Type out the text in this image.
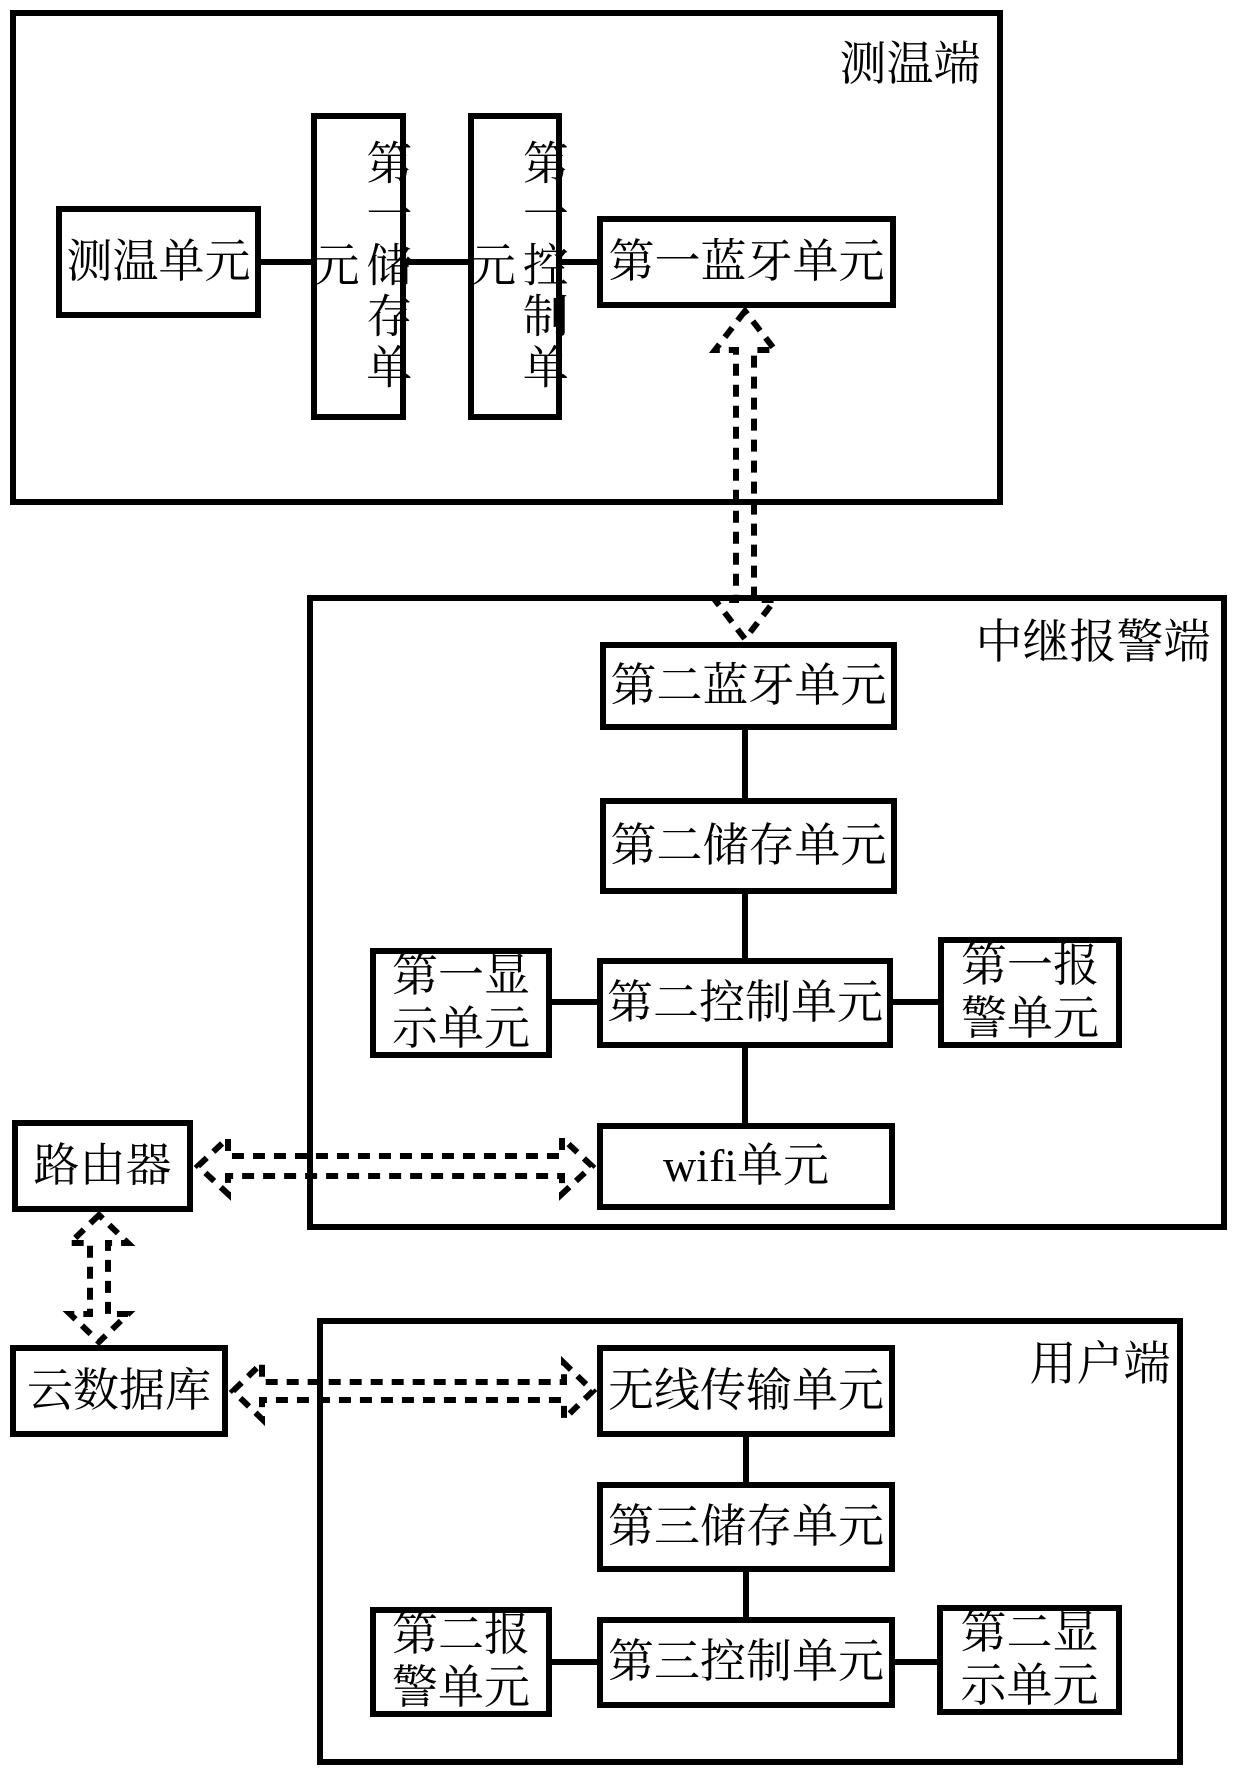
测温端
中继报警端
用户端
测温单元	第一储存单元	第一控制单元	第一蓝牙单元
第二蓝牙单元
第二储存单元
第一显
示单元
第二控制单元
第一报
警单元
wifi单元
路由器
云数据库	无线传输单元
第三储存单元
第二报
警单元
第三控制单元
第二显
示单元
